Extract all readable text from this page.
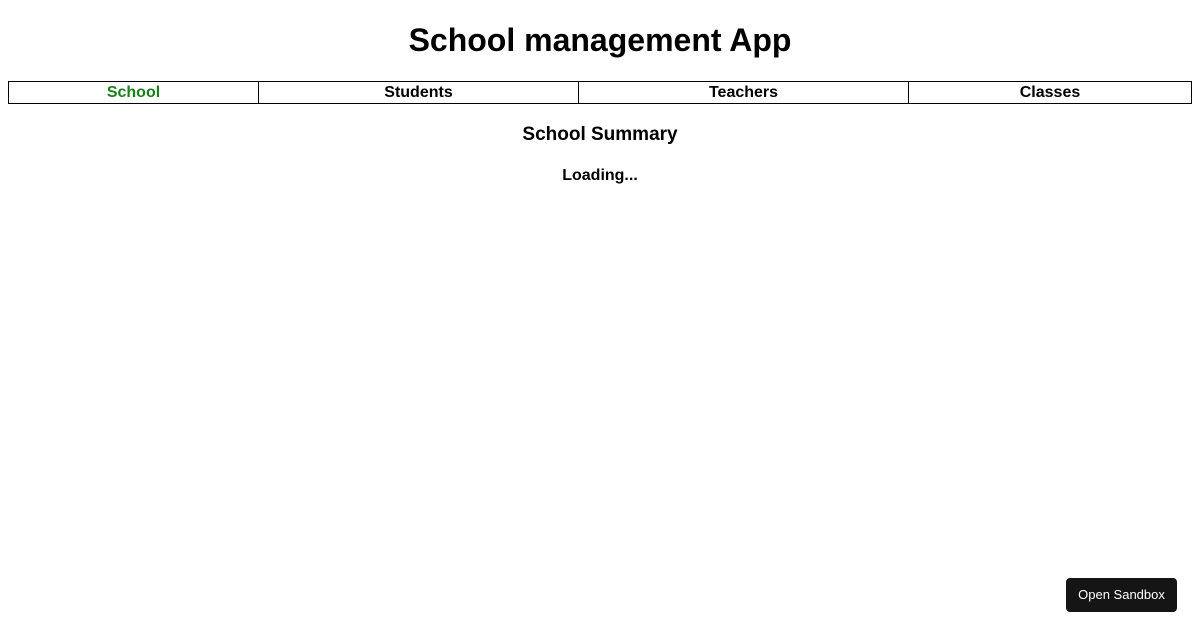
School management App
School	Students	Teachers	Classes
School Summary
Loading...
Open Sandbox
